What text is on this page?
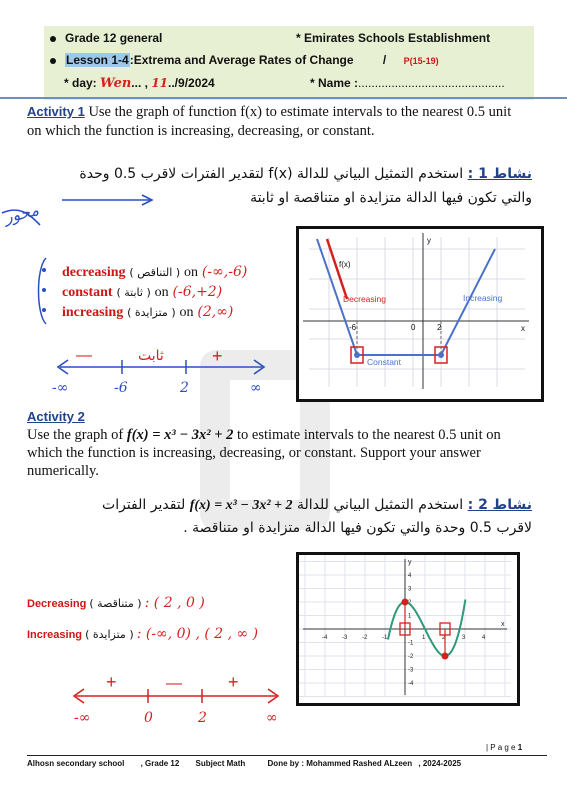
Grade 12 general	* Emirates Schools Establishment
Lesson 1-4:Extrema and Average Rates of Change / P(15-19)
* day: Wen... , 11../9/2024	* Name :............................................
Activity 1 Use the graph of function f(x) to estimate intervals to the nearest 0.5 unit on which the function is increasing, decreasing, or constant.
نشاط 1 : استخدم التمثيل البياني للدالة f(x) لتقدير الفترات لاقرب 0.5 وحدة
والتي تكون فيها الدالة متزايدة او متناقصة او ثابتة
محور
decreasing ( التناقص ) on (-∞,-6)
constant ( ثابتة ) on (-6,+2)
increasing ( متزايدة ) on (2,∞)
-∞	-6	2	∞
—	ثابت	+
f(x)
y
x
0
-6	2
Decreasing	Increasing
Constant
Activity 2
Use the graph of f(x) = x³ − 3x² + 2 to estimate intervals to the nearest 0.5 unit on which the function is increasing, decreasing, or constant. Support your answer numerically.
نشاط 2 : استخدم التمثيل البياني للدالة f(x) = x³ − 3x² + 2 لتقدير الفترات
لاقرب 0.5 وحدة والتي تكون فيها الدالة متزايدة او متناقصة .
Decreasing ( متناقصة ) : ( 0 , 2 )
Increasing ( متزايدة ) : (-∞, 0) , ( 2 , ∞ )
-∞	0	2	∞
+	—	+
-4 -3 -2 -1	1	2	3	4
4
3
2
1
-1
-2
-3
-4
x
y
| P a g e 1
Alhosn secondary school , Grade 12 Subject Math	Done by : Mohammed Rashed ALzeen , 2024-2025
